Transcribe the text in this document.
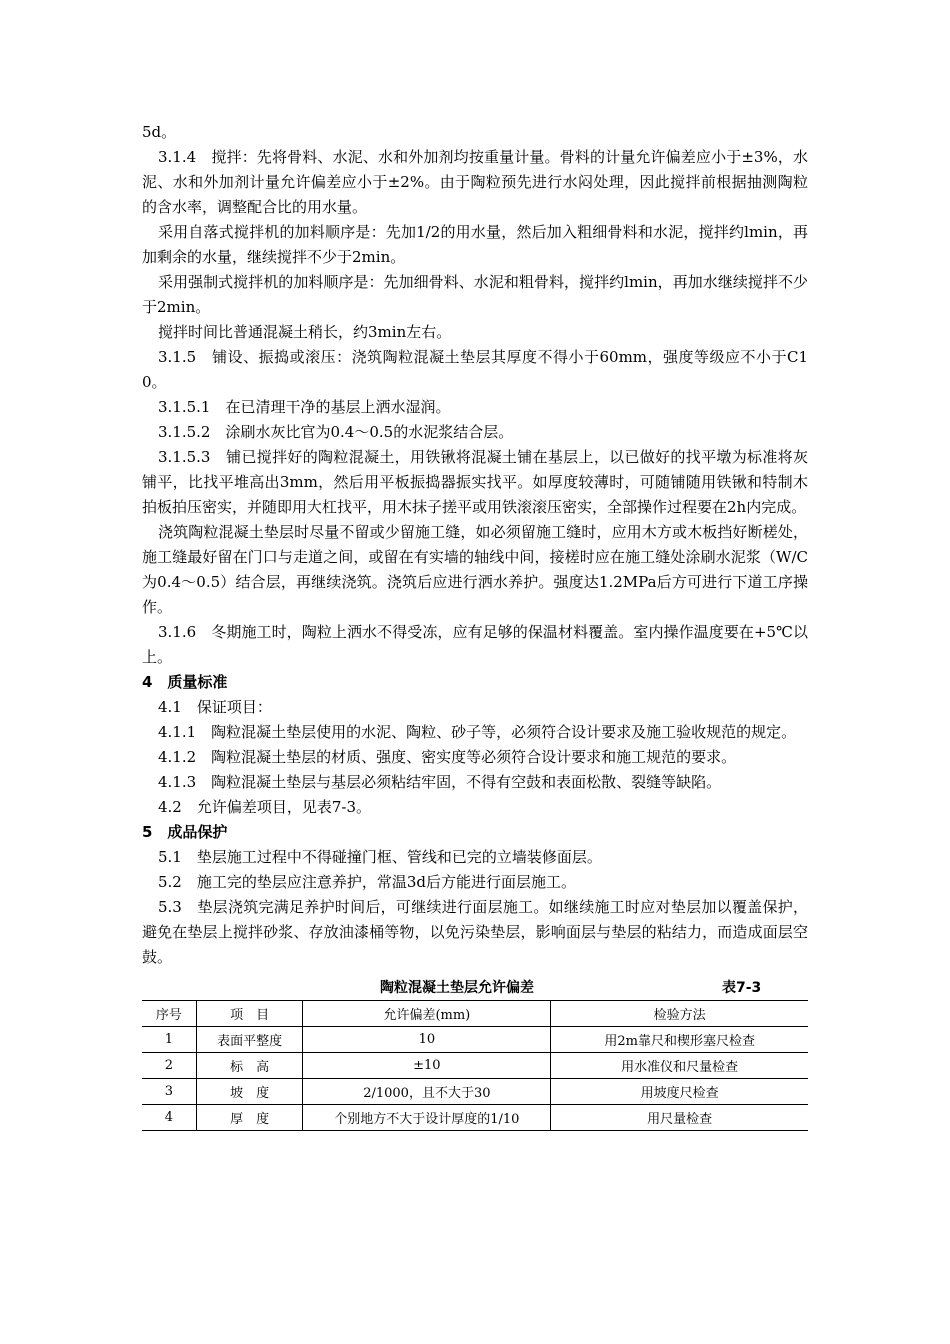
5d。

3.1.4　搅拌：先将骨料、水泥、水和外加剂均按重量计量。骨料的计量允许偏差应小于±3%，水泥、水和外加剂计量允许偏差应小于±2%。由于陶粒预先进行水闷处理，因此搅拌前根据抽测陶粒的含水率，调整配合比的用水量。

采用自落式搅拌机的加料顺序是：先加1/2的用水量，然后加入粗细骨料和水泥，搅拌约lmin，再加剩余的水量，继续搅拌不少于2min。

采用强制式搅拌机的加料顺序是：先加细骨料、水泥和粗骨料，搅拌约lmin，再加水继续搅拌不少于2min。

搅拌时间比普通混凝土稍长，约3min左右。

3.1.5　铺设、振捣或滚压：浇筑陶粒混凝土垫层其厚度不得小于60mm，强度等级应不小于C10。

3.1.5.1　在已清理干净的基层上洒水湿润。

3.1.5.2　涂刷水灰比官为0.4～0.5的水泥浆结合层。

3.1.5.3　铺已搅拌好的陶粒混凝土，用铁锹将混凝土铺在基层上，以已做好的找平墩为标准将灰铺平，比找平堆高出3mm，然后用平板振捣器振实找平。如厚度较薄时，可随铺随用铁锹和特制木拍板拍压密实，并随即用大杠找平，用木抹子搓平或用铁滚滚压密实，全部操作过程要在2h内完成。

浇筑陶粒混凝土垫层时尽量不留或少留施工缝，如必须留施工缝时，应用木方或木板挡好断槎处，施工缝最好留在门口与走道之间，或留在有实墙的轴线中间，接槎时应在施工缝处涂刷水泥浆（W/C为0.4～0.5）结合层，再继续浇筑。浇筑后应进行洒水养护。强度达1.2MPa后方可进行下道工序操作。

3.1.6　冬期施工时，陶粒上洒水不得受冻，应有足够的保温材料覆盖。室内操作温度要在+5℃以上。

4　质量标准

4.1　保证项目：

4.1.1　陶粒混凝土垫层使用的水泥、陶粒、砂子等，必须符合设计要求及施工验收规范的规定。

4.1.2　陶粒混凝土垫层的材质、强度、密实度等必须符合设计要求和施工规范的要求。

4.1.3　陶粒混凝土垫层与基层必须粘结牢固，不得有空鼓和表面松散、裂缝等缺陷。

4.2　允许偏差项目，见表7-3。

5　成品保护

5.1　垫层施工过程中不得碰撞门框、管线和已完的立墙装修面层。

5.2　施工完的垫层应注意养护，常温3d后方能进行面层施工。

5.3　垫层浇筑完满足养护时间后，可继续进行面层施工。如继续施工时应对垫层加以覆盖保护，避免在垫层上搅拌砂浆、存放油漆桶等物，以免污染垫层，影响面层与垫层的粘结力，而造成面层空鼓。

陶粒混凝土垫层允许偏差	表7-3
序号	项　目	允许偏差(mm)	检验方法
1	表面平整度	10	用2m靠尺和楔形塞尺检查
2	标　高	±10	用水准仪和尺量检查
3	坡　度	2/1000，且不大于30	用坡度尺检查
4	厚　度	个别地方不大于设计厚度的1/10	用尺量检查
